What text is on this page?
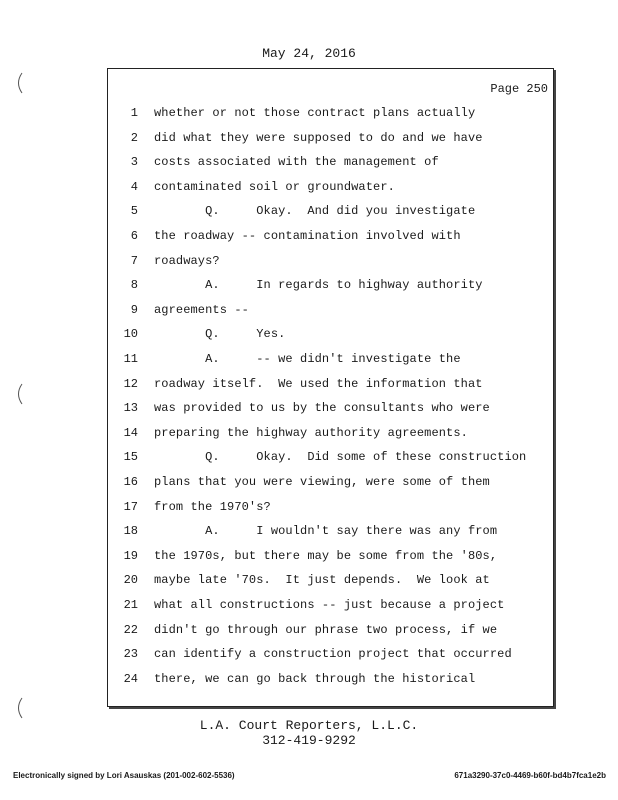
May 24, 2016
Page 250
1 whether or not those contract plans actually
2 did what they were supposed to do and we have
3 costs associated with the management of
4 contaminated soil or groundwater.
5 Q.     Okay.  And did you investigate
6 the roadway -- contamination involved with
7 roadways?
8 A.     In regards to highway authority
9 agreements --
10 Q.     Yes.
11 A.     -- we didn't investigate the
12 roadway itself.  We used the information that
13 was provided to us by the consultants who were
14 preparing the highway authority agreements.
15 Q.     Okay.  Did some of these construction
16 plans that you were viewing, were some of them
17 from the 1970's?
18 A.     I wouldn't say there was any from
19 the 1970s, but there may be some from the '80s,
20 maybe late '70s.  It just depends.  We look at
21 what all constructions -- just because a project
22 didn't go through our phrase two process, if we
23 can identify a construction project that occurred
24 there, we can go back through the historical
L.A. Court Reporters, L.L.C.
312-419-9292
Electronically signed by Lori Asauskas (201-002-602-5536)	671a3290-37c0-4469-b60f-bd4b7fca1e2b
